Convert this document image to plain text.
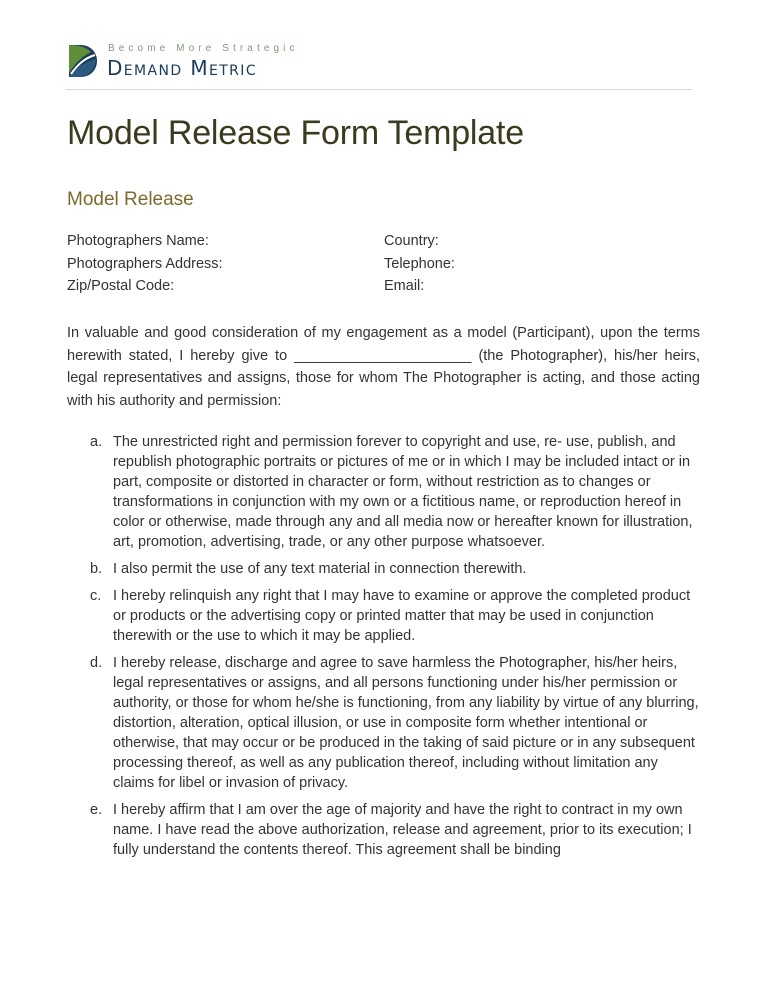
Become More Strategic
Demand Metric
Model Release Form Template
Model Release
Photographers Name:
Photographers Address:
Zip/Postal Code:
Country:
Telephone:
Email:
In valuable and good consideration of my engagement as a model (Participant), upon the terms herewith stated, I hereby give to ______________________ (the Photographer), his/her heirs, legal representatives and assigns, those for whom The Photographer is acting, and those acting with his authority and permission:
a. The unrestricted right and permission forever to copyright and use, re- use, publish, and republish photographic portraits or pictures of me or in which I may be included intact or in part, composite or distorted in character or form, without restriction as to changes or transformations in conjunction with my own or a fictitious name, or reproduction hereof in color or otherwise, made through any and all media now or hereafter known for illustration, art, promotion, advertising, trade, or any other purpose whatsoever.
b. I also permit the use of any text material in connection therewith.
c. I hereby relinquish any right that I may have to examine or approve the completed product or products or the advertising copy or printed matter that may be used in conjunction therewith or the use to which it may be applied.
d. I hereby release, discharge and agree to save harmless the Photographer, his/her heirs, legal representatives or assigns, and all persons functioning under his/her permission or authority, or those for whom he/she is functioning, from any liability by virtue of any blurring, distortion, alteration, optical illusion, or use in composite form whether intentional or otherwise, that may occur or be produced in the taking of said picture or in any subsequent processing thereof, as well as any publication thereof, including without limitation any claims for libel or invasion of privacy.
e. I hereby affirm that I am over the age of majority and have the right to contract in my own name. I have read the above authorization, release and agreement, prior to its execution; I fully understand the contents thereof. This agreement shall be binding
